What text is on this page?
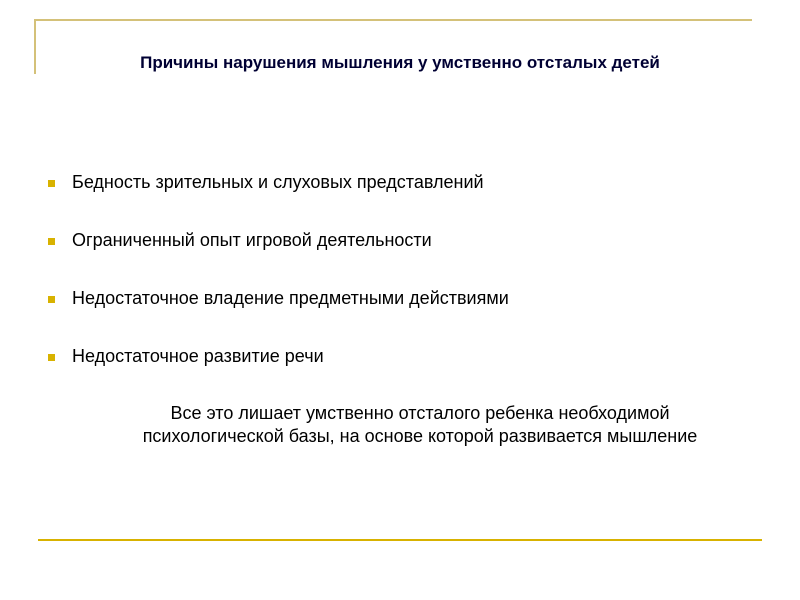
Причины нарушения мышления у умственно отсталых детей
Бедность зрительных и слуховых представлений
Ограниченный опыт игровой деятельности
Недостаточное владение предметными действиями
Недостаточное развитие речи
Все это лишает умственно отсталого ребенка необходимой психологической базы, на основе которой развивается мышление
